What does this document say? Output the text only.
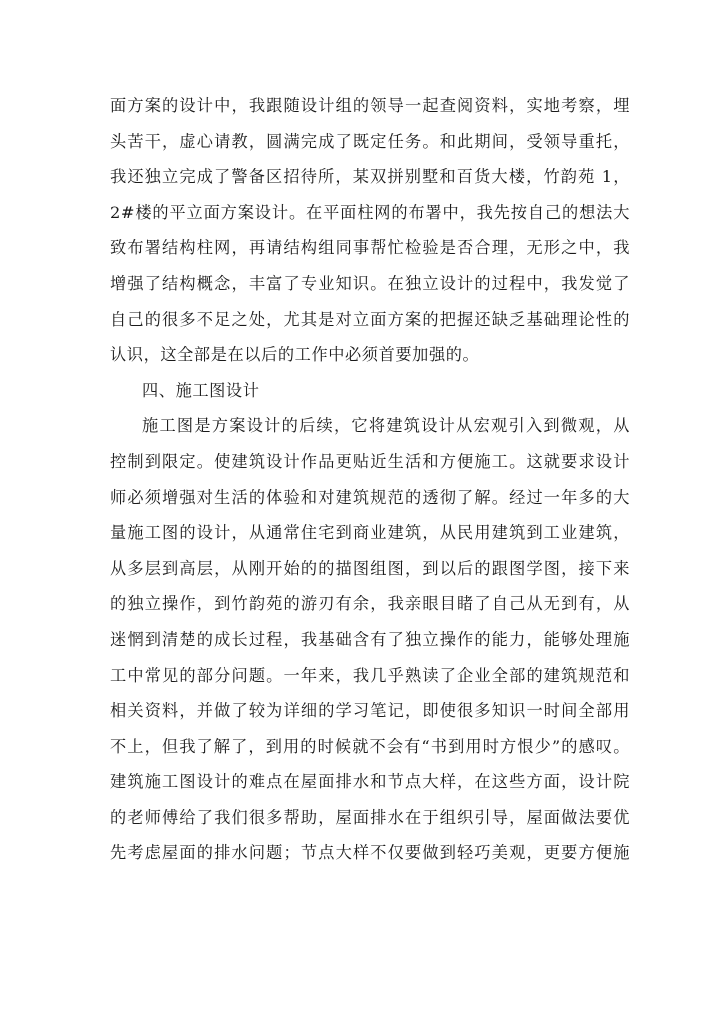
面方案的设计中，我跟随设计组的领导一起查阅资料，实地考察，埋
头苦干，虚心请教，圆满完成了既定任务。和此期间，受领导重托，
我还独立完成了警备区招待所，某双拼别墅和百货大楼，竹韵苑 1，
2#楼的平立面方案设计。在平面柱网的布署中，我先按自己的想法大
致布署结构柱网，再请结构组同事帮忙检验是否合理，无形之中，我
增强了结构概念，丰富了专业知识。在独立设计的过程中，我发觉了
自己的很多不足之处，尤其是对立面方案的把握还缺乏基础理论性的
认识，这全部是在以后的工作中必须首要加强的。
四、施工图设计
施工图是方案设计的后续，它将建筑设计从宏观引入到微观，从
控制到限定。使建筑设计作品更贴近生活和方便施工。这就要求设计
师必须增强对生活的体验和对建筑规范的透彻了解。经过一年多的大
量施工图的设计，从通常住宅到商业建筑，从民用建筑到工业建筑，
从多层到高层，从刚开始的的描图组图，到以后的跟图学图，接下来
的独立操作，到竹韵苑的游刃有余，我亲眼目睹了自己从无到有，从
迷惘到清楚的成长过程，我基础含有了独立操作的能力，能够处理施
工中常见的部分问题。一年来，我几乎熟读了企业全部的建筑规范和
相关资料，并做了较为详细的学习笔记，即使很多知识一时间全部用
不上，但我了解了，到用的时候就不会有“书到用时方恨少”的感叹。
建筑施工图设计的难点在屋面排水和节点大样，在这些方面，设计院
的老师傅给了我们很多帮助，屋面排水在于组织引导，屋面做法要优
先考虑屋面的排水问题；节点大样不仅要做到轻巧美观，更要方便施
